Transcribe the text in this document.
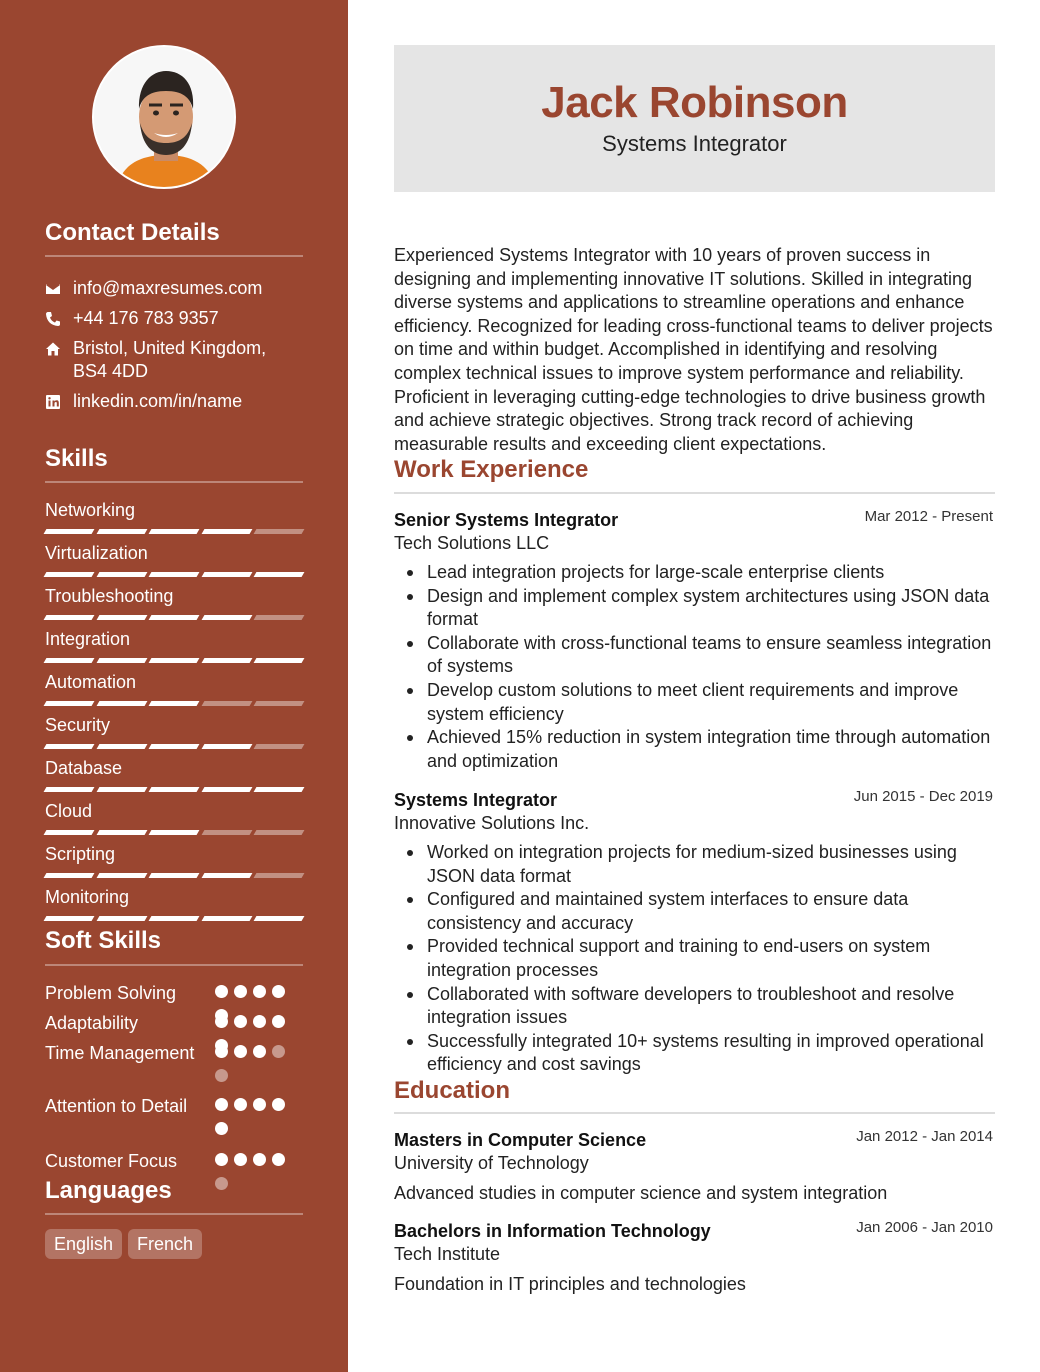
Contact Details
info@maxresumes.com
+44 176 783 9357
Bristol, United Kingdom, BS4 4DD
linkedin.com/in/name
Skills
Networking
Virtualization
Troubleshooting
Integration
Automation
Security
Database
Cloud
Scripting
Monitoring
Soft Skills
Problem Solving
Adaptability
Time Management
Attention to Detail
Customer Focus
Languages
English	French
Jack Robinson
Systems Integrator
Experienced Systems Integrator with 10 years of proven success in designing and implementing innovative IT solutions. Skilled in integrating diverse systems and applications to streamline operations and enhance efficiency. Recognized for leading cross-functional teams to deliver projects on time and within budget. Accomplished in identifying and resolving complex technical issues to improve system performance and reliability. Proficient in leveraging cutting-edge technologies to drive business growth and achieve strategic objectives. Strong track record of achieving measurable results and exceeding client expectations.
Work Experience
Senior Systems Integrator	Mar 2012 - Present
Tech Solutions LLC
Lead integration projects for large-scale enterprise clients
Design and implement complex system architectures using JSON data format
Collaborate with cross-functional teams to ensure seamless integration of systems
Develop custom solutions to meet client requirements and improve system efficiency
Achieved 15% reduction in system integration time through automation and optimization
Systems Integrator	Jun 2015 - Dec 2019
Innovative Solutions Inc.
Worked on integration projects for medium-sized businesses using JSON data format
Configured and maintained system interfaces to ensure data consistency and accuracy
Provided technical support and training to end-users on system integration processes
Collaborated with software developers to troubleshoot and resolve integration issues
Successfully integrated 10+ systems resulting in improved operational efficiency and cost savings
Education
Masters in Computer Science	Jan 2012 - Jan 2014
University of Technology
Advanced studies in computer science and system integration
Bachelors in Information Technology	Jan 2006 - Jan 2010
Tech Institute
Foundation in IT principles and technologies
